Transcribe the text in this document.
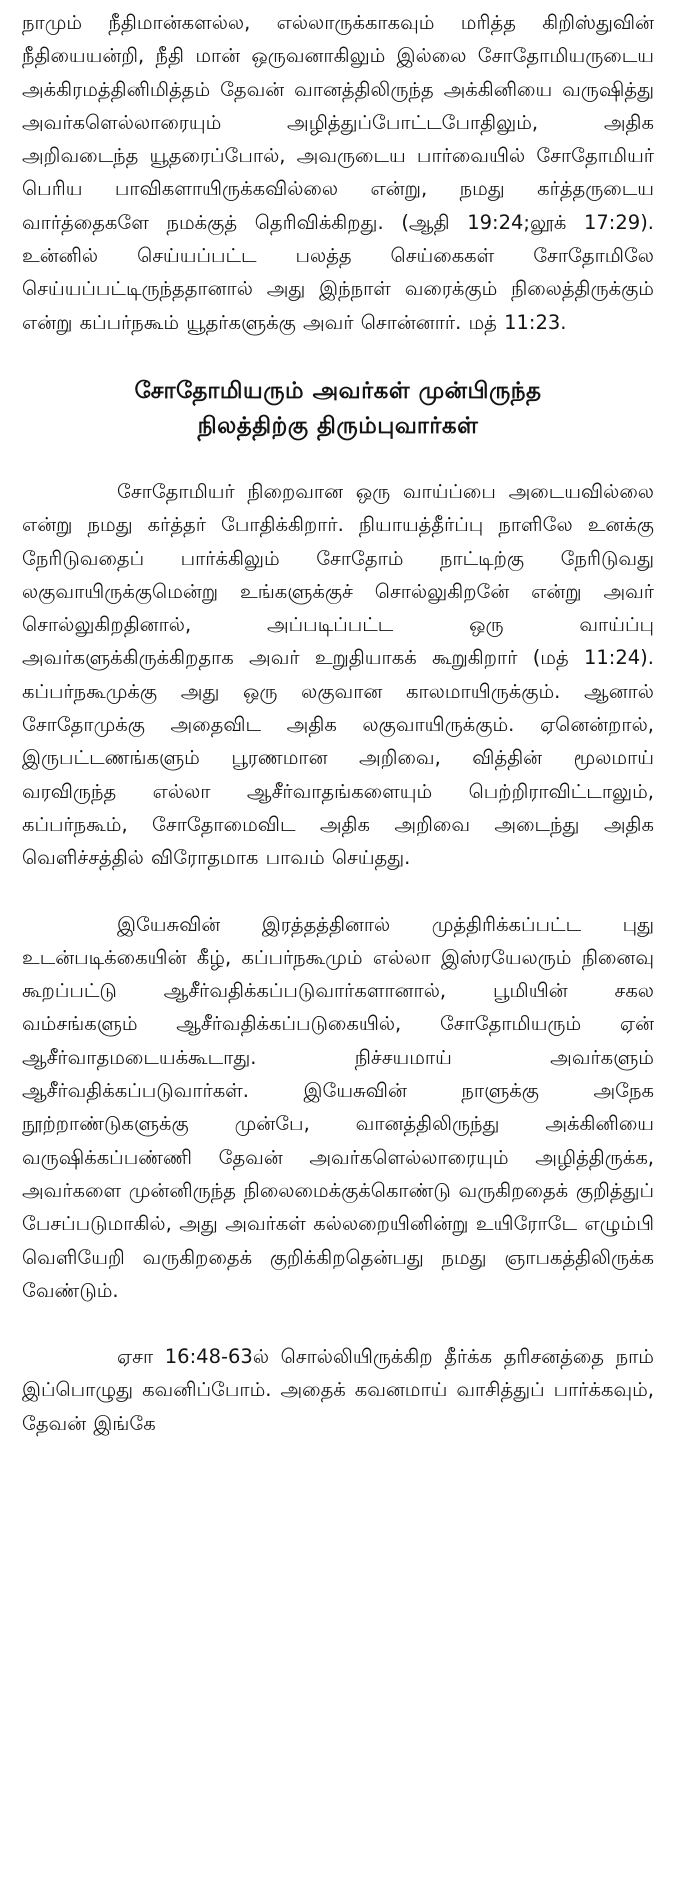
நாமும் நீதிமான்களல்ல, எல்லாருக்காகவும் மரித்த கிறிஸ்துவின் நீதியையன்றி, நீதி மான் ஒருவனாகிலும் இல்லை சோதோமியருடைய அக்கிரமத்தினிமித்தம் தேவன் வானத்திலிருந்த அக்கினியை வருஷித்து அவர்களெல்லாரையும் அழித்துப்போட்டபோதிலும், அதிக அறிவடைந்த யூதரைப்போல், அவருடைய பார்வையில் சோதோமியர் பெரிய பாவிகளாயிருக்கவில்லை என்று, நமது கர்த்தருடைய வார்த்தைகளே நமக்குத் தெரிவிக்கிறது. (ஆதி 19:24;லூக் 17:29). உன்னில் செய்யப்பட்ட பலத்த செய்கைகள் சோதோமிலே செய்யப்பட்டிருந்ததானால் அது இந்நாள் வரைக்கும் நிலைத்திருக்கும் என்று கப்பர்நகூம் யூதர்களுக்கு அவர் சொன்னார். மத் 11:23.

சோதோமியரும் அவர்கள் முன்பிருந்த

நிலத்திற்கு திரும்புவார்கள்

சோதோமியர் நிறைவான ஒரு வாய்ப்பை அடையவில்லை என்று நமது கர்த்தர் போதிக்கிறார். நியாயத்தீர்ப்பு நாளிலே உனக்கு நேரிடுவதைப் பார்க்கிலும் சோதோம் நாட்டிற்கு நேரிடுவது லகுவாயிருக்குமென்று உங்களுக்குச் சொல்லுகிறனே் என்று அவர் சொல்லுகிறதினால், அப்படிப்பட்ட ஒரு வாய்ப்பு அவர்களுக்கிருக்கிறதாக அவர் உறுதியாகக் கூறுகிறார் (மத் 11:24). கப்பர்நகூமுக்கு அது ஒரு லகுவான காலமாயிருக்கும். ஆனால் சோதோமுக்கு அதைவிட அதிக லகுவாயிருக்கும். ஏனென்றால், இருபட்டணங்களும் பூரணமான அறிவை, வித்தின் மூலமாய் வரவிருந்த எல்லா ஆசீர்வாதங்களையும் பெற்றிராவிட்டாலும், கப்பர்நகூம், சோதோமைவிட அதிக அறிவை அடைந்து அதிக வெளிச்சத்தில் விரோதமாக பாவம் செய்தது.

இயேசுவின் இரத்தத்தினால் முத்திரிக்கப்பட்ட புது உடன்படிக்கையின் கீழ், கப்பர்நகூமும் எல்லா இஸ்ரயேலரும் நினைவு கூறப்பட்டு ஆசீர்வதிக்கப்படுவார்களானால், பூமியின் சகல வம்சங்களும் ஆசீர்வதிக்கப்படுகையில், சோதோமியரும் ஏன் ஆசீர்வாதமடையக்கூடாது. நிச்சயமாய் அவர்களும் ஆசீர்வதிக்கப்படுவார்கள். இயேசுவின் நாளுக்கு அநேக நூற்றாண்டுகளுக்கு முன்பே, வானத்திலிருந்து அக்கினியை வருஷிக்கப்பண்ணி தேவன் அவர்களெல்லாரையும் அழித்திருக்க, அவர்களை முன்னிருந்த நிலைமைக்குக்கொண்டு வருகிறதைக் குறித்துப் பேசப்படுமாகில், அது அவர்கள் கல்லறையினின்று உயிரோடே எழும்பி வெளியேறி வருகிறதைக் குறிக்கிறதென்பது நமது ஞாபகத்திலிருக்க வேண்டும்.

ஏசா 16:48-63ல் சொல்லியிருக்கிற தீர்க்க தரிசனத்தை நாம் இப்பொழுது கவனிப்போம். அதைக் கவனமாய் வாசித்துப் பார்க்கவும், தேவன் இங்கே
